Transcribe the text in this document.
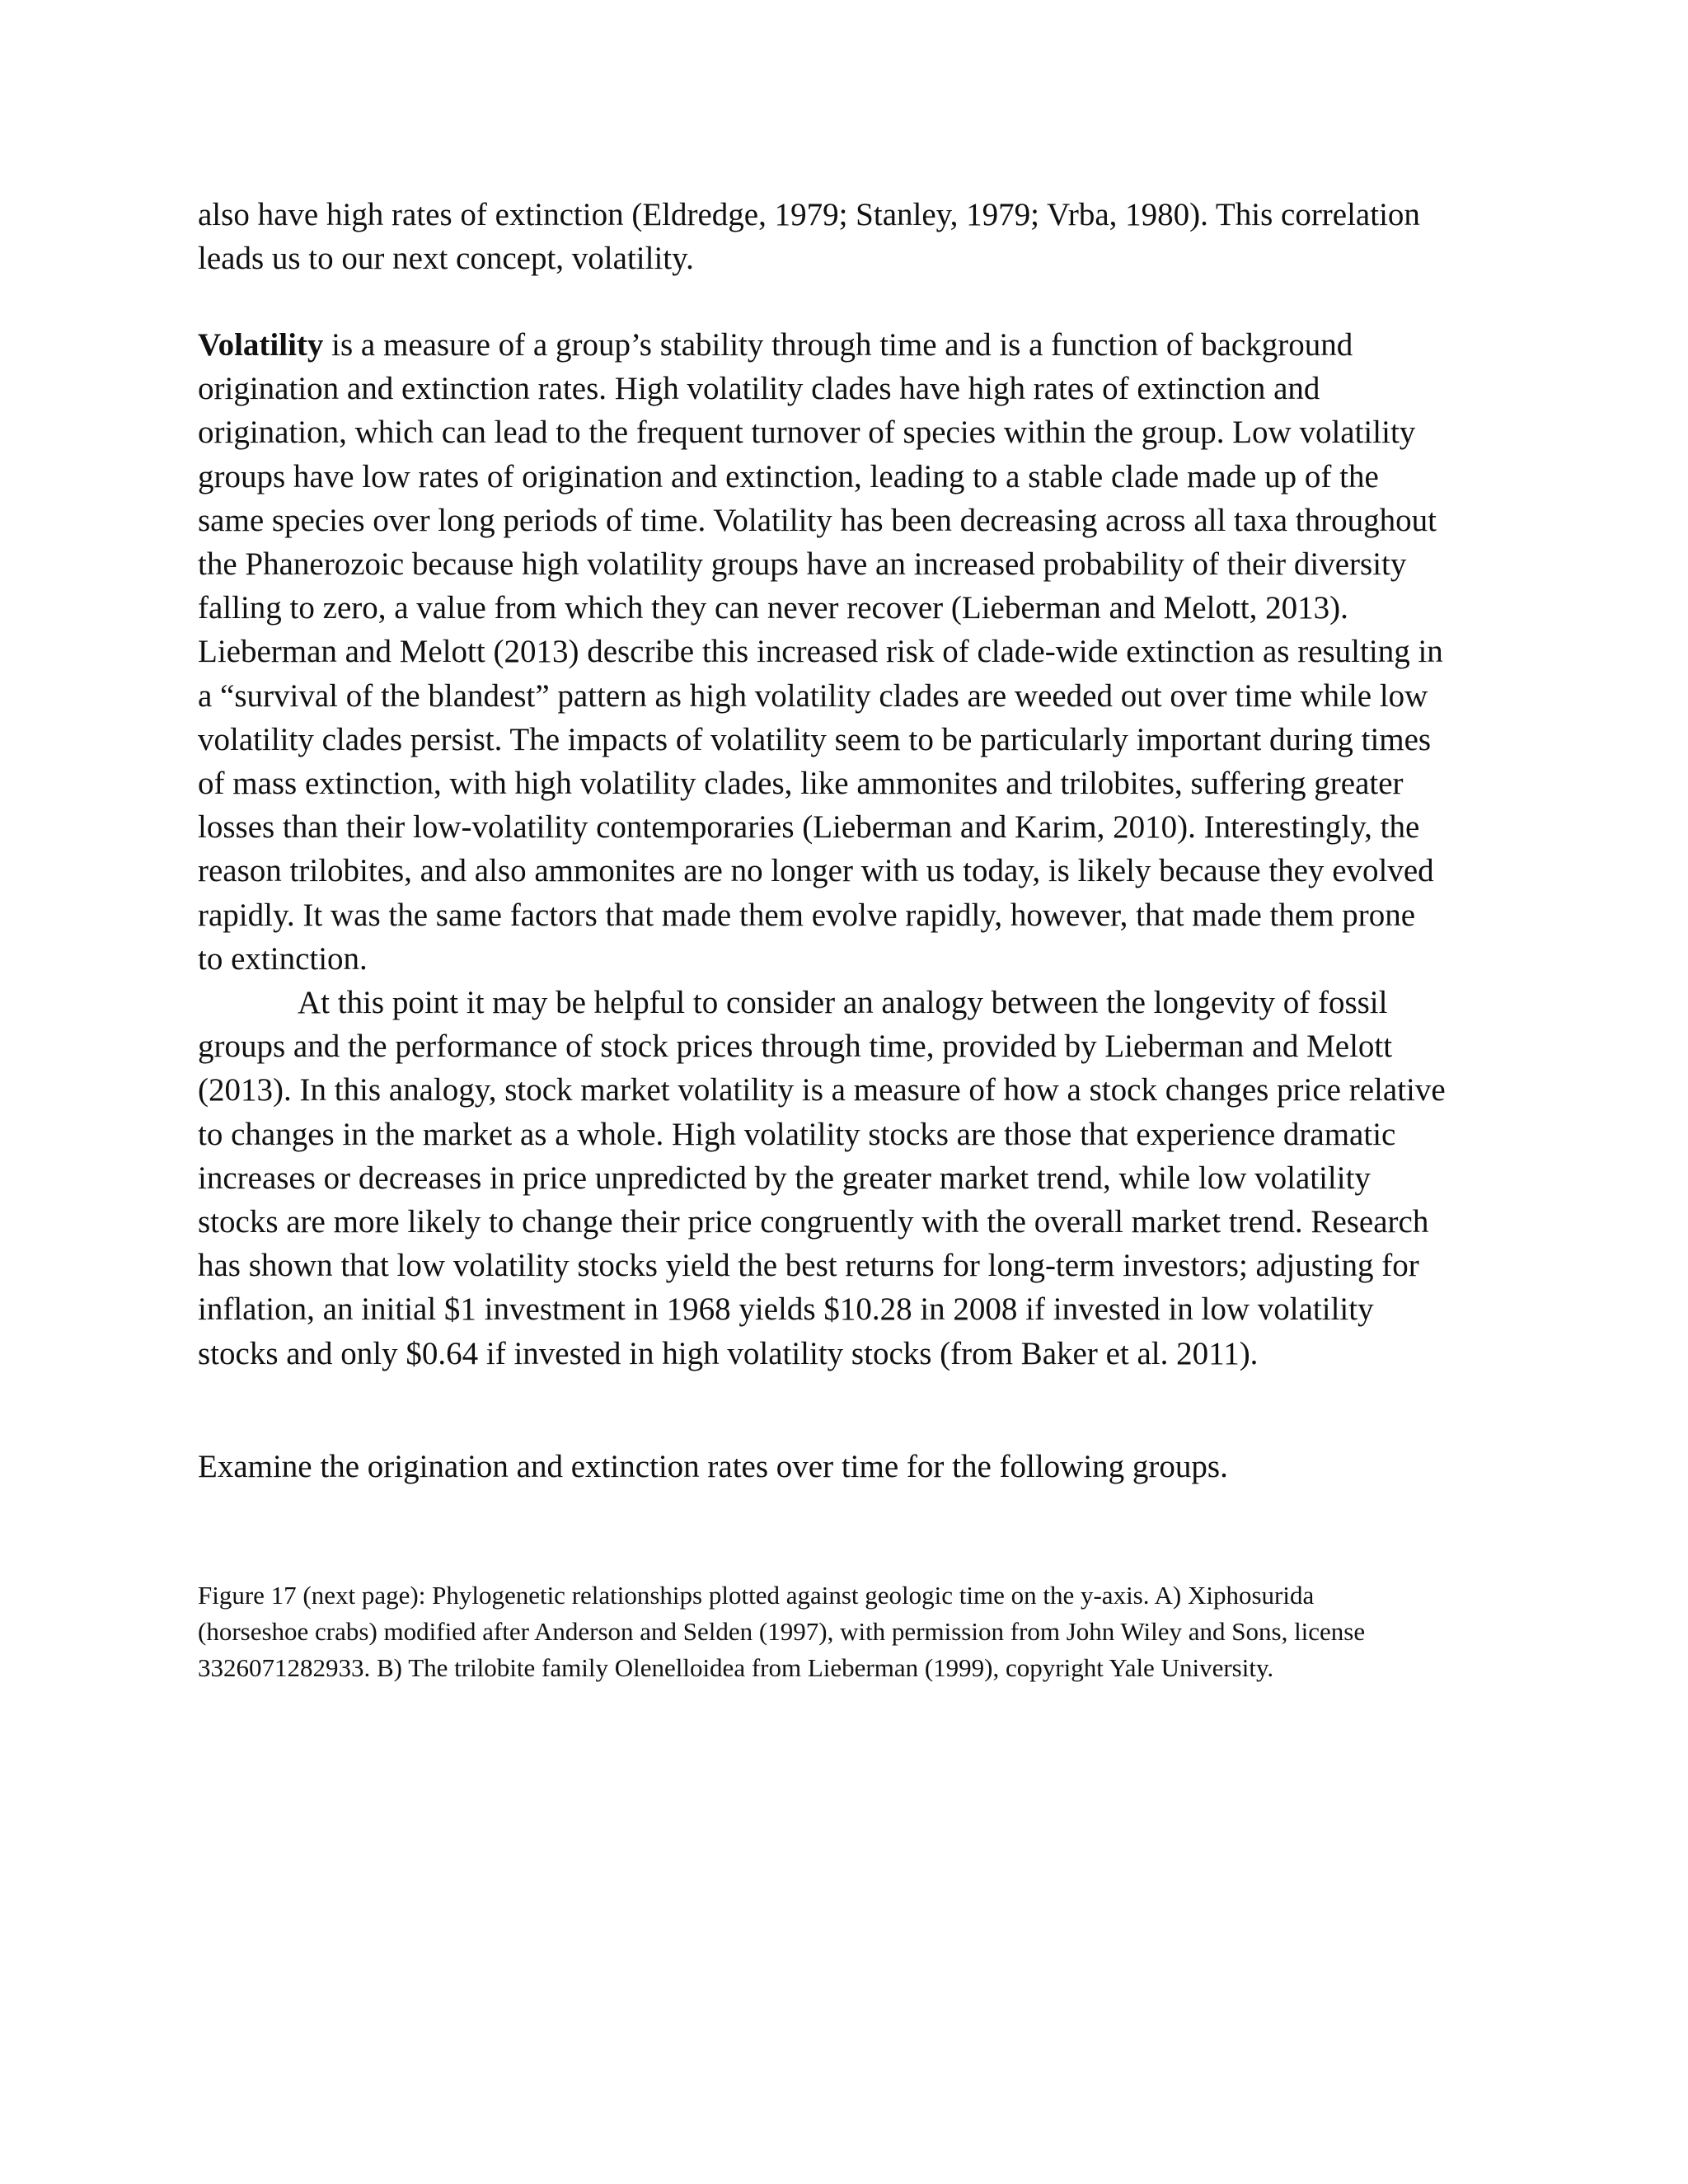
also have high rates of extinction (Eldredge, 1979; Stanley, 1979; Vrba, 1980). This correlation
leads us to our next concept, volatility.
Volatility is a measure of a group’s stability through time and is a function of background
origination and extinction rates. High volatility clades have high rates of extinction and
origination, which can lead to the frequent turnover of species within the group. Low volatility
groups have low rates of origination and extinction, leading to a stable clade made up of the
same species over long periods of time. Volatility has been decreasing across all taxa throughout
the Phanerozoic because high volatility groups have an increased probability of their diversity
falling to zero, a value from which they can never recover (Lieberman and Melott, 2013).
Lieberman and Melott (2013) describe this increased risk of clade-wide extinction as resulting in
a “survival of the blandest” pattern as high volatility clades are weeded out over time while low
volatility clades persist. The impacts of volatility seem to be particularly important during times
of mass extinction, with high volatility clades, like ammonites and trilobites, suffering greater
losses than their low-volatility contemporaries (Lieberman and Karim, 2010). Interestingly, the
reason trilobites, and also ammonites are no longer with us today, is likely because they evolved
rapidly. It was the same factors that made them evolve rapidly, however, that made them prone
to extinction.
At this point it may be helpful to consider an analogy between the longevity of fossil
groups and the performance of stock prices through time, provided by Lieberman and Melott
(2013). In this analogy, stock market volatility is a measure of how a stock changes price relative
to changes in the market as a whole. High volatility stocks are those that experience dramatic
increases or decreases in price unpredicted by the greater market trend, while low volatility
stocks are more likely to change their price congruently with the overall market trend. Research
has shown that low volatility stocks yield the best returns for long-term investors; adjusting for
inflation, an initial $1 investment in 1968 yields $10.28 in 2008 if invested in low volatility
stocks and only $0.64 if invested in high volatility stocks (from Baker et al. 2011).
Examine the origination and extinction rates over time for the following groups.
Figure 17 (next page): Phylogenetic relationships plotted against geologic time on the y-axis. A) Xiphosurida
(horseshoe crabs) modified after Anderson and Selden (1997), with permission from John Wiley and Sons, license
3326071282933. B) The trilobite family Olenelloidea from Lieberman (1999), copyright Yale University.
